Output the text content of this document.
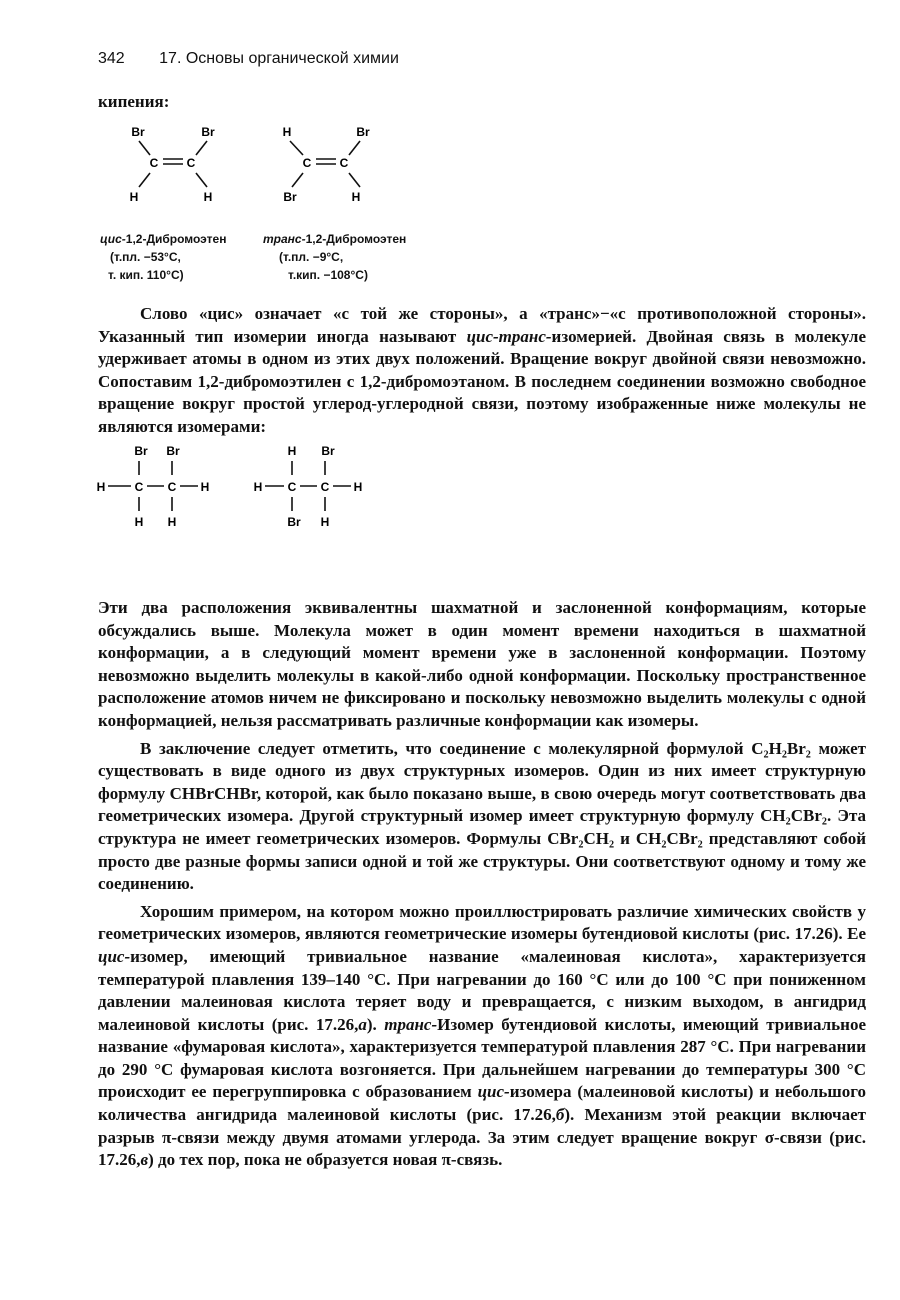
342 17. Основы органической химии
кипения:
Br	Br
C C
H	H
H	Br
C C
Br	H
цис-1,2-Дибромоэтен
(т.пл. −53°С,
т. кип. 110°С)
транс-1,2-Дибромоэтен
(т.пл. −9°С,
т.кип. −108°С)

Слово «цис» означает «с той же стороны», а «транс»−«с противоположной стороны». Указанный тип изомерии иногда называют цис-транс-изомерией. Двойная связь в молекуле удерживает атомы в одном из этих двух положений. Вращение вокруг двойной связи невозможно. Сопоставим 1,2-дибромоэтилен с 1,2-дибромоэтаном. В последнем соединении возможно свободное вращение вокруг простой углерод-углеродной связи, поэтому изображенные ниже молекулы не являются изомерами:

Br Br
H C C H
H H
H Br
H C C H
Br H

Эти два расположения эквивалентны шахматной и заслоненной конформациям, которые обсуждались выше. Молекула может в один момент времени находиться в шахматной конформации, а в следующий момент времени уже в заслоненной конформации. Поэтому невозможно выделить молекулы в какой-либо одной конформации. Поскольку пространственное расположение атомов ничем не фиксировано и поскольку невозможно выделить молекулы с одной конформацией, нельзя рассматривать различные конформации как изомеры.

В заключение следует отметить, что соединение с молекулярной формулой C₂H₂Br₂ может существовать в виде одного из двух структурных изомеров. Один из них имеет структурную формулу CHBrCHBr, которой, как было показано выше, в свою очередь могут соответствовать два геометрических изомера. Другой структурный изомер имеет структурную формулу CH₂CBr₂. Эта структура не имеет геометрических изомеров. Формулы CBr₂CH₂ и CH₂CBr₂ представляют собой просто две разные формы записи одной и той же структуры. Они соответствуют одному и тому же соединению.

Хорошим примером, на котором можно проиллюстрировать различие химических свойств у геометрических изомеров, являются геометрические изомеры бутендиовой кислоты (рис. 17.26). Ее цис-изомер, имеющий тривиальное название «малеиновая кислота», характеризуется температурой плавления 139–140 °С. При нагревании до 160 °С или до 100 °С при пониженном давлении малеиновая кислота теряет воду и превращается, с низким выходом, в ангидрид малеиновой кислоты (рис. 17.26,а). транс-Изомер бутендиовой кислоты, имеющий тривиальное название «фумаровая кислота», характеризуется температурой плавления 287 °С. При нагревании до 290 °С фумаровая кислота возгоняется. При дальнейшем нагревании до температуры 300 °С происходит ее перегруппировка с образованием цис-изомера (малеиновой кислоты) и небольшого количества ангидрида малеиновой кислоты (рис. 17.26,б). Механизм этой реакции включает разрыв π-связи между двумя атомами углерода. За этим следует вращение вокруг σ-связи (рис. 17.26,в) до тех пор, пока не образуется новая π-связь.
